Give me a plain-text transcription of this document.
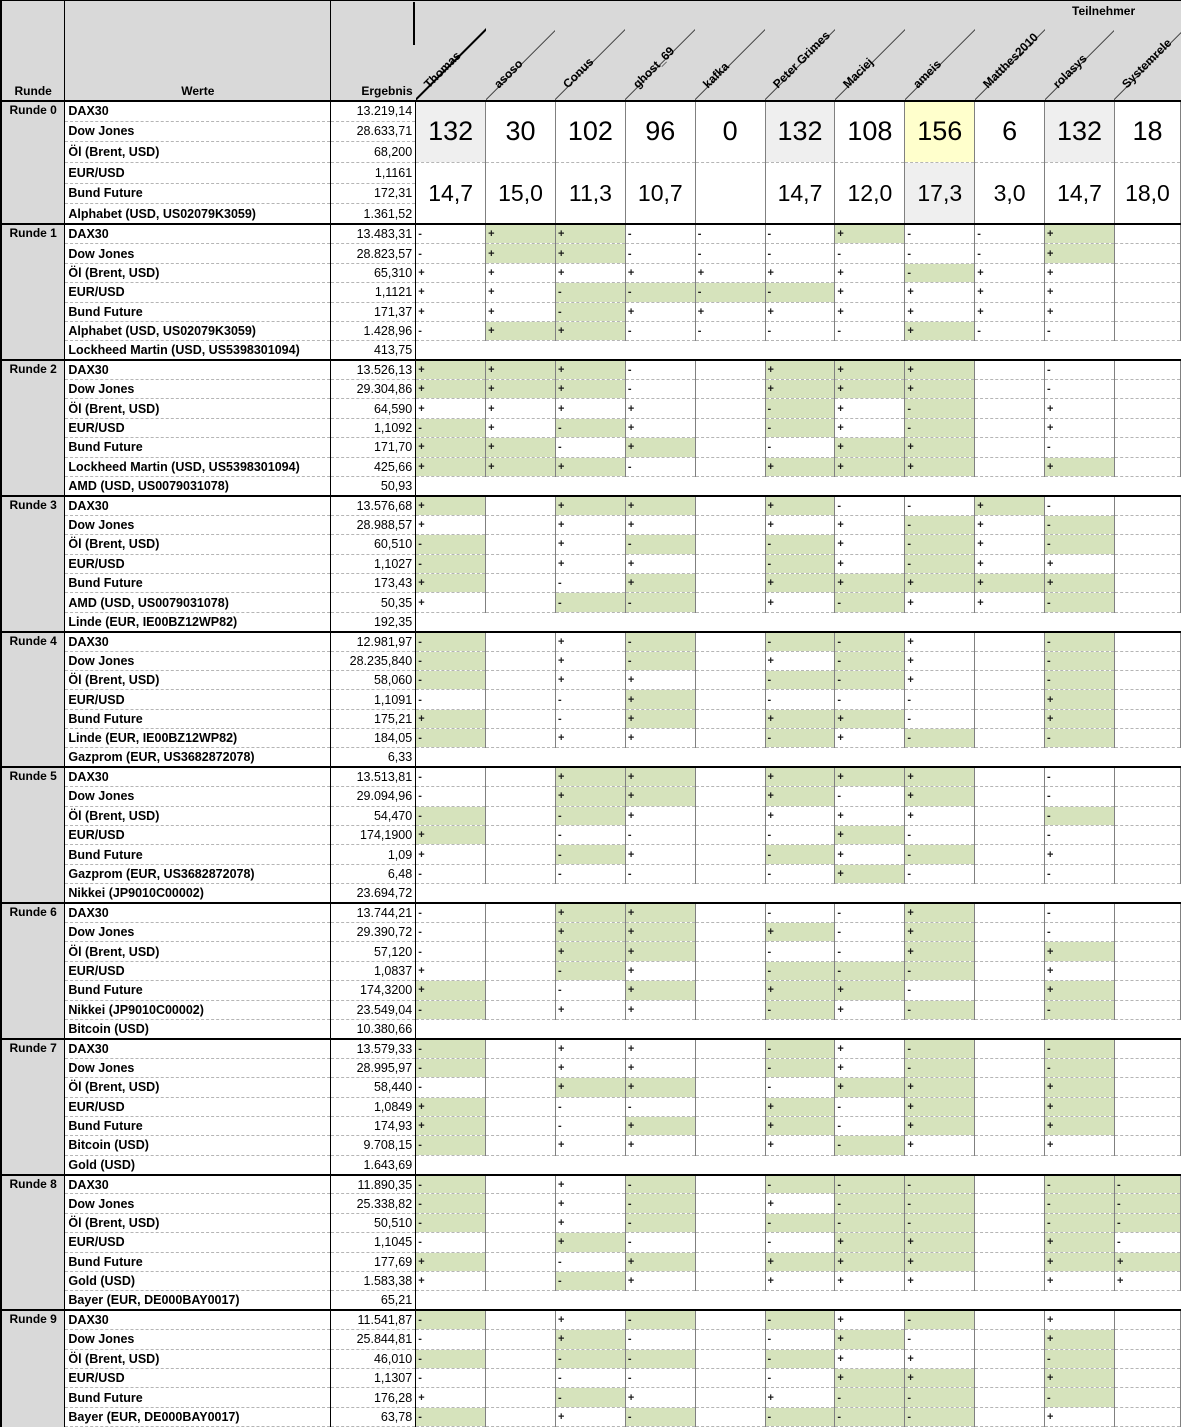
Runde	Werte	Ergebnis	Thomas	asoso	Conus	ghost_69	kafka	Peter Grimes	Maciej	ameis	Matthes2010	rolasys	Systemrele

Runde 0	DAX30	13.219,14	132	30	102	96	0	132	108	156	6	132	18
	Dow Jones	28.633,71											
	Öl (Brent, USD)	68,200											
	EUR/USD	1,1161	14,7	15,0	11,3	10,7		14,7	12,0	17,3	3,0	14,7	18,0
	Bund Future	172,31											
	Alphabet (USD, US02079K3059)	1.361,52											
Runde 1	DAX30	13.483,31	-	+	+	-	-	-	+	-	-	+	
	Dow Jones	28.823,57	-	+	+	-	-	-	-	-	-	+	
	Öl (Brent, USD)	65,310	+	+	+	+	+	+	+	-	+	+	
	EUR/USD	1,1121	+	+	-	-	-	-	+	+	+	+	
	Bund Future	171,37	+	+	-	+	+	+	+	+	+	+	
	Alphabet (USD, US02079K3059)	1.428,96	-	+	+	-	-	-	-	+	-	-	
	Lockheed Martin (USD, US5398301094)	413,75											
Runde 2	DAX30	13.526,13	+	+	+	-		+	+	+		-	
	Dow Jones	29.304,86	+	+	+	-		+	+	+		-	
	Öl (Brent, USD)	64,590	+	+	+	+		-	+	-		+	
	EUR/USD	1,1092	-	+	-	+		-	+	-		+	
	Bund Future	171,70	+	+	-	+		-	+	+		-	
	Lockheed Martin (USD, US5398301094)	425,66	+	+	+	-		+	+	+		+	
	AMD (USD, US0079031078)	50,93											
Runde 3	DAX30	13.576,68	+		+	+		+	-	-	+	-	
	Dow Jones	28.988,57	+		+	+		+	+	-	+	-	
	Öl (Brent, USD)	60,510	-		+	-		-	+	-	+	-	
	EUR/USD	1,1027	-		+	+		-	+	-	+	+	
	Bund Future	173,43	+		-	+		+	+	+	+	+	
	AMD (USD, US0079031078)	50,35	+		-	-		+	-	+	+	-	
	Linde (EUR, IE00BZ12WP82)	192,35											
Runde 4	DAX30	12.981,97	-		+	-		-	-	+		-	
	Dow Jones	28.235,840	-		+	-		+	-	+		-	
	Öl (Brent, USD)	58,060	-		+	+		-	-	+		-	
	EUR/USD	1,1091	-		-	+		-	-	-		+	
	Bund Future	175,21	+		-	+		+	+	-		+	
	Linde (EUR, IE00BZ12WP82)	184,05	-		+	+		-	+	-		-	
	Gazprom (EUR, US3682872078)	6,33											
Runde 5	DAX30	13.513,81	-		+	+		+	+	+		-	
	Dow Jones	29.094,96	-		+	+		+	-	+		-	
	Öl (Brent, USD)	54,470	-		-	+		+	+	+		-	
	EUR/USD	174,1900	+		-	-		-	+	-		-	
	Bund Future	1,09	+		-	+		-	+	-		+	
	Gazprom (EUR, US3682872078)	6,48	-		-	-		-	+	-		-	
	Nikkei (JP9010C00002)	23.694,72											
Runde 6	DAX30	13.744,21	-		+	+		-	-	+		-	
	Dow Jones	29.390,72	-		+	+		+	-	+		-	
	Öl (Brent, USD)	57,120	-		+	+		-	-	+		+	
	EUR/USD	1,0837	+		-	+		-	-	-		+	
	Bund Future	174,3200	+		-	+		+	+	-		+	
	Nikkei (JP9010C00002)	23.549,04	-		+	+		-	+	-		-	
	Bitcoin (USD)	10.380,66											
Runde 7	DAX30	13.579,33	-		+	+		-	+	-		-	
	Dow Jones	28.995,97	-		+	+		-	+	-		-	
	Öl (Brent, USD)	58,440	-		+	+		-	+	+		+	
	EUR/USD	1,0849	+		-	-		+	-	+		+	
	Bund Future	174,93	+		-	+		+	-	+		+	
	Bitcoin (USD)	9.708,15	-		+	+		+	-	+		+	
	Gold (USD)	1.643,69											
Runde 8	DAX30	11.890,35	-		+	-		-	-	-		-	-
	Dow Jones	25.338,82	-		+	-		+	-	-		-	-
	Öl (Brent, USD)	50,510	-		+	-		-	-	-		-	-
	EUR/USD	1,1045	-		+	-		-	+	+		+	-
	Bund Future	177,69	+		-	+		+	+	+		+	+
	Gold (USD)	1.583,38	+		-	+		+	+	+		+	+
	Bayer (EUR, DE000BAY0017)	65,21											
Runde 9	DAX30	11.541,87	-		+	-		-	+	-		+	
	Dow Jones	25.844,81	-		+	-		-	+	-		+	
	Öl (Brent, USD)	46,010	-		-	-		-	+	+		-	
	EUR/USD	1,1307	-		-	-		-	+	+		+	
	Bund Future	176,28	+		-	+		+	-	-		-	
	Bayer (EUR, DE000BAY0017)	63,78	-		+	-		-	-	-		+	
Teilnehmer
